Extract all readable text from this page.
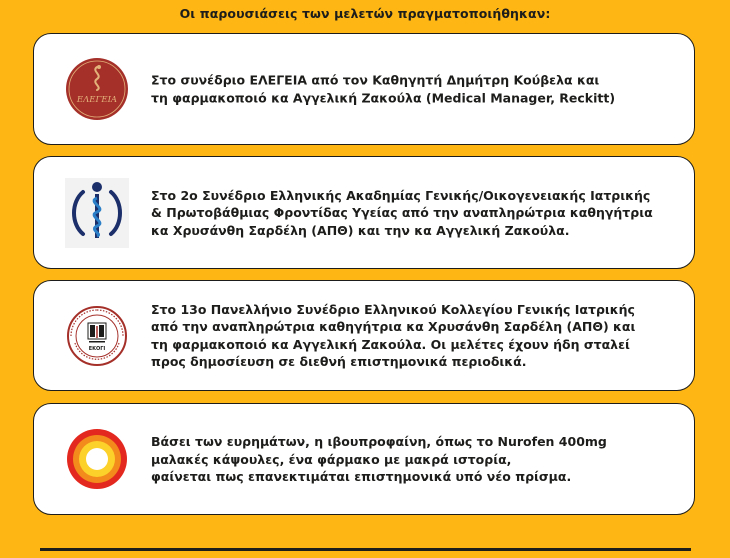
Οι παρουσιάσεις των μελετών πραγματοποιήθηκαν:
ΕΛΕΓΕΙΑ
Στο συνέδριο ΕΛΕΓΕΙΑ από τον Καθηγητή Δημήτρη Κούβελα και
τη φαρμακοποιό κα Αγγελική Ζακούλα (Medical Manager, Reckitt)
Στο 2ο Συνέδριο Ελληνικής Ακαδημίας Γενικής/Οικογενειακής Ιατρικής
& Πρωτοβάθμιας Φροντίδας Υγείας από την αναπληρώτρια καθηγήτρια
κα Χρυσάνθη Σαρδέλη (ΑΠΘ) και την κα Αγγελική Ζακούλα.
ΕΚΟΓΙ
Στο 13ο Πανελλήνιο Συνέδριο Ελληνικού Κολλεγίου Γενικής Ιατρικής
από την αναπληρώτρια καθηγήτρια κα Χρυσάνθη Σαρδέλη (ΑΠΘ) και
τη φαρμακοποιό κα Αγγελική Ζακούλα. Οι μελέτες έχουν ήδη σταλεί
προς δημοσίευση σε διεθνή επιστημονικά περιοδικά.
Βάσει των ευρημάτων, η ιβουπροφαίνη, όπως το Nurofen 400mg
μαλακές κάψουλες, ένα φάρμακο με μακρά ιστορία,
φαίνεται πως επανεκτιμάται επιστημονικά υπό νέο πρίσμα.
